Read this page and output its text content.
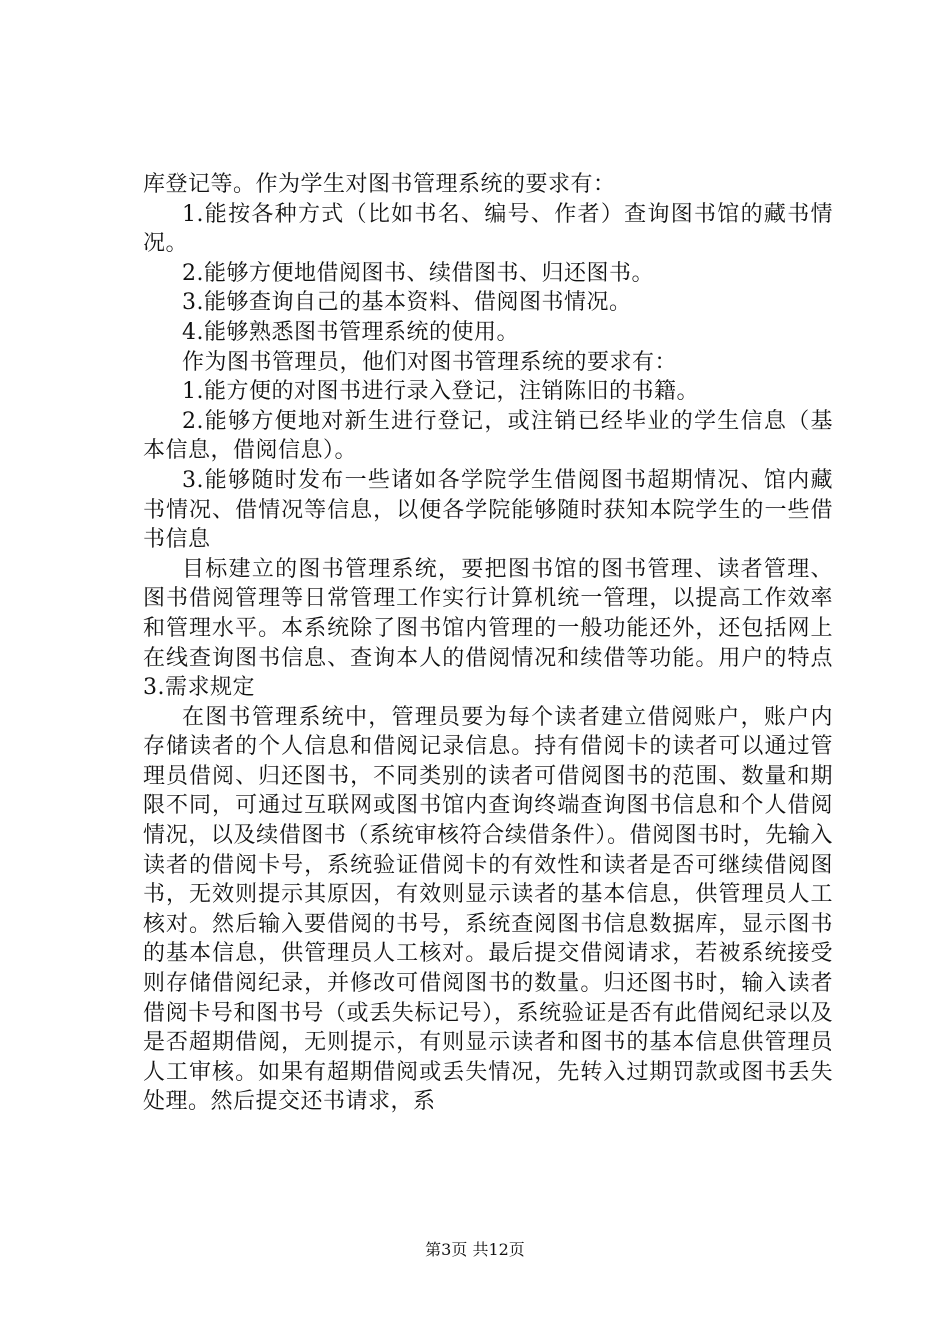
库登记等。作为学生对图书管理系统的要求有：

1.能按各种方式（比如书名、编号、作者）查询图书馆的藏书情况。

2.能够方便地借阅图书、续借图书、归还图书。

3.能够查询自己的基本资料、借阅图书情况。

4.能够熟悉图书管理系统的使用。

作为图书管理员，他们对图书管理系统的要求有：

1.能方便的对图书进行录入登记，注销陈旧的书籍。

2.能够方便地对新生进行登记，或注销已经毕业的学生信息（基本信息，借阅信息）。

3.能够随时发布一些诸如各学院学生借阅图书超期情况、馆内藏书情况、借情况等信息，以便各学院能够随时获知本院学生的一些借书信息

目标建立的图书管理系统，要把图书馆的图书管理、读者管理、图书借阅管理等日常管理工作实行计算机统一管理，以提高工作效率和管理水平。本系统除了图书馆内管理的一般功能还外，还包括网上在线查询图书信息、查询本人的借阅情况和续借等功能。用户的特点3.需求规定

在图书管理系统中，管理员要为每个读者建立借阅账户，账户内存储读者的个人信息和借阅记录信息。持有借阅卡的读者可以通过管理员借阅、归还图书，不同类别的读者可借阅图书的范围、数量和期限不同，可通过互联网或图书馆内查询终端查询图书信息和个人借阅情况，以及续借图书（系统审核符合续借条件）。借阅图书时，先输入读者的借阅卡号，系统验证借阅卡的有效性和读者是否可继续借阅图书，无效则提示其原因，有效则显示读者的基本信息，供管理员人工核对。然后输入要借阅的书号，系统查阅图书信息数据库，显示图书的基本信息，供管理员人工核对。最后提交借阅请求，若被系统接受则存储借阅纪录，并修改可借阅图书的数量。归还图书时，输入读者借阅卡号和图书号（或丢失标记号），系统验证是否有此借阅纪录以及是否超期借阅，无则提示，有则显示读者和图书的基本信息供管理员人工审核。如果有超期借阅或丢失情况，先转入过期罚款或图书丢失处理。然后提交还书请求，系

第3页 共12页
